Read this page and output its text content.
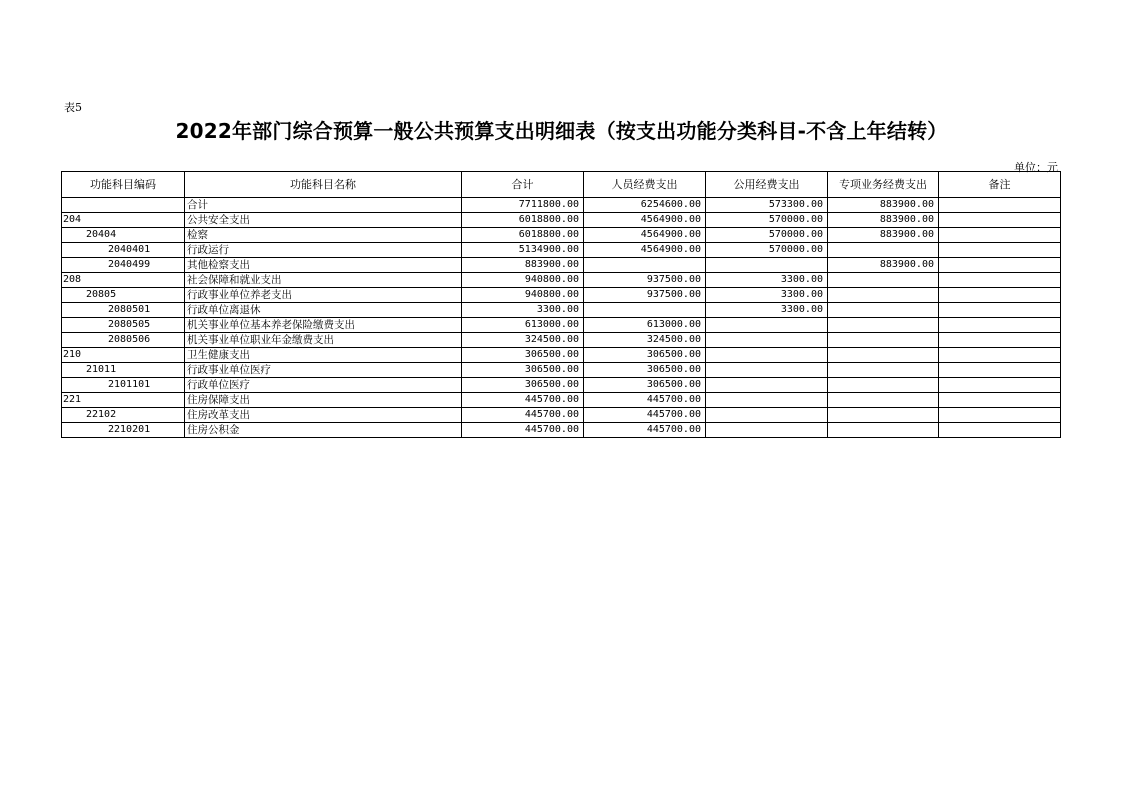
表5
2022年部门综合预算一般公共预算支出明细表（按支出功能分类科目-不含上年结转）
单位：元
功能科目编码	功能科目名称	合计	人员经费支出	公用经费支出	专项业务经费支出	备注
	合计	7711800.00	6254600.00	573300.00	883900.00	
204	公共安全支出	6018800.00	4564900.00	570000.00	883900.00	
20404	检察	6018800.00	4564900.00	570000.00	883900.00	
2040401	行政运行	5134900.00	4564900.00	570000.00		
2040499	其他检察支出	883900.00			883900.00	
208	社会保障和就业支出	940800.00	937500.00	3300.00		
20805	行政事业单位养老支出	940800.00	937500.00	3300.00		
2080501	行政单位离退休	3300.00		3300.00		
2080505	机关事业单位基本养老保险缴费支出	613000.00	613000.00			
2080506	机关事业单位职业年金缴费支出	324500.00	324500.00			
210	卫生健康支出	306500.00	306500.00			
21011	行政事业单位医疗	306500.00	306500.00			
2101101	行政单位医疗	306500.00	306500.00			
221	住房保障支出	445700.00	445700.00			
22102	住房改革支出	445700.00	445700.00			
2210201	住房公积金	445700.00	445700.00			
